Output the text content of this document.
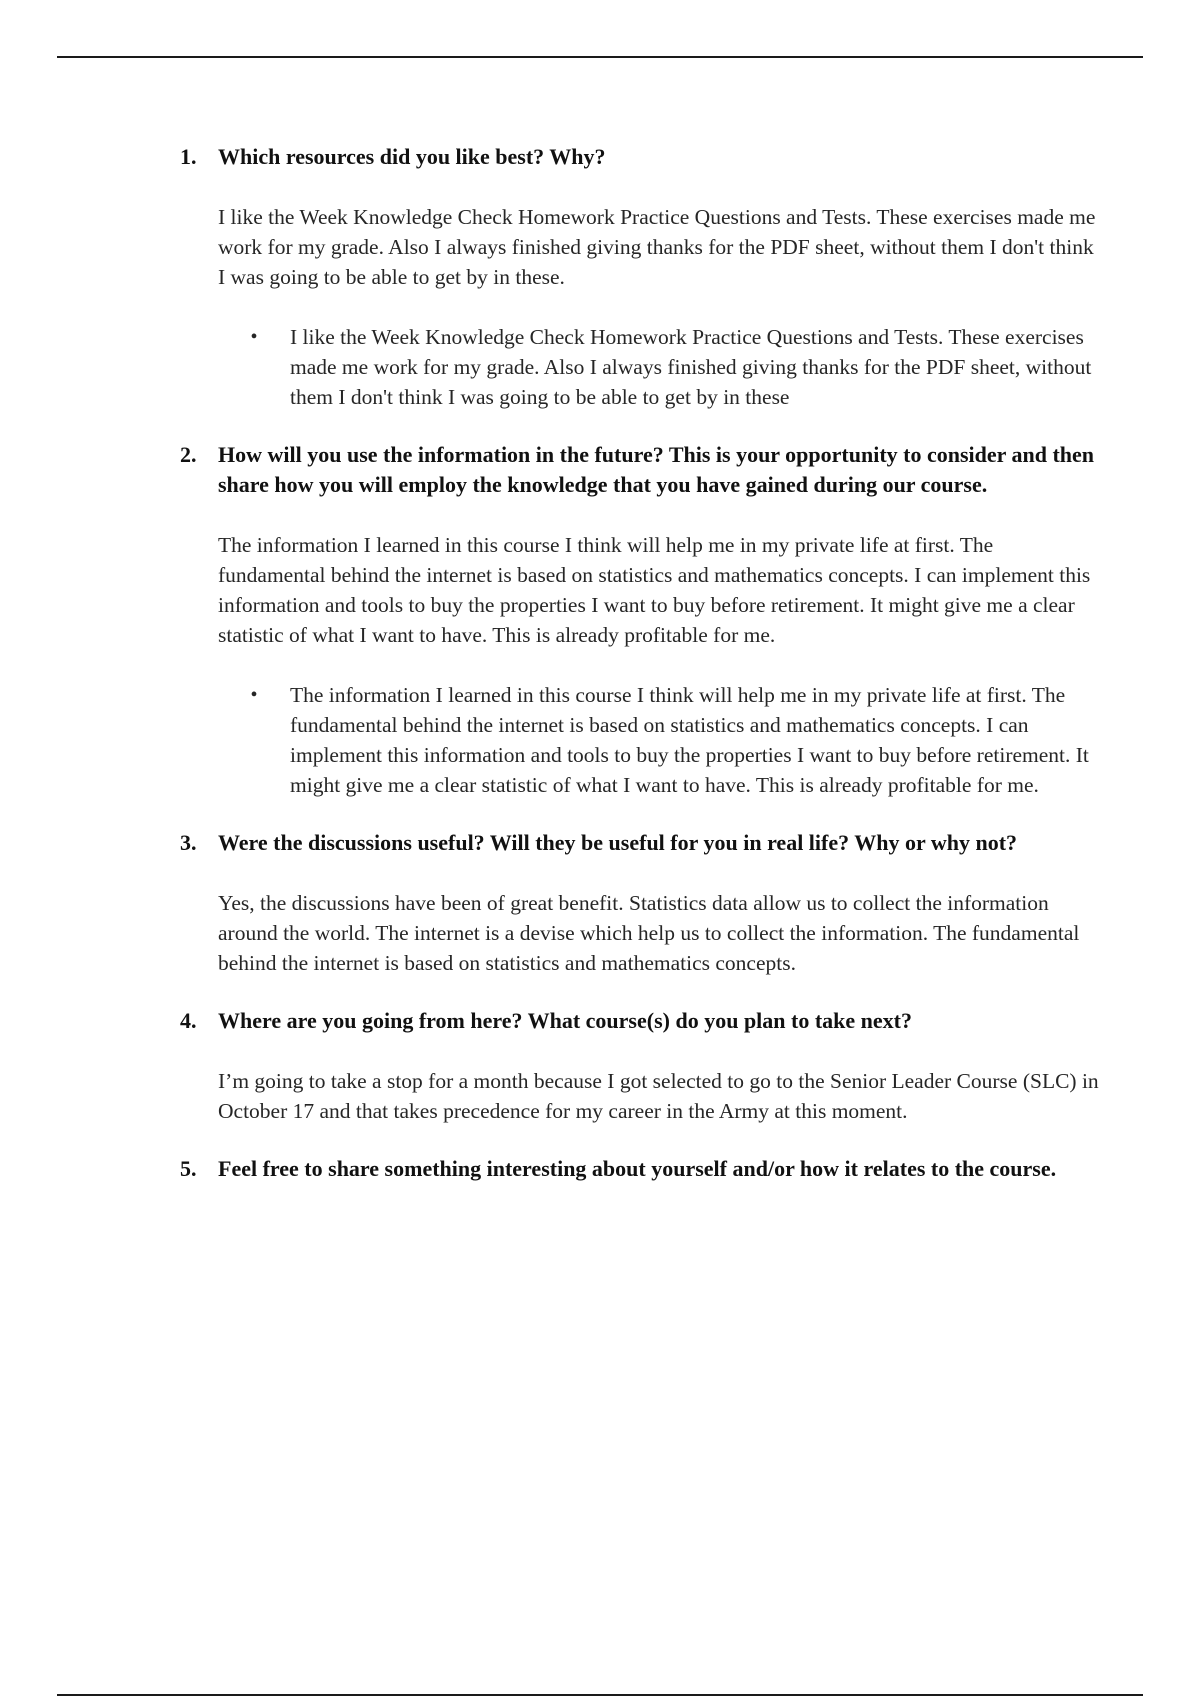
1. Which resources did you like best? Why?

I like the Week Knowledge Check Homework Practice Questions and Tests. These exercises made me work for my grade. Also I always finished giving thanks for the PDF sheet, without them I don't think I was going to be able to get by in these.

•	I like the Week Knowledge Check Homework Practice Questions and Tests. These exercises made me work for my grade. Also I always finished giving thanks for the PDF sheet, without them I don't think I was going to be able to get by in these
2. How will you use the information in the future? This is your opportunity to consider and then share how you will employ the knowledge that you have gained during our course.

The information I learned in this course I think will help me in my private life at first. The fundamental behind the internet is based on statistics and mathematics concepts. I can implement this information and tools to buy the properties I want to buy before retirement. It might give me a clear statistic of what I want to have. This is already profitable for me.

•	The information I learned in this course I think will help me in my private life at first. The fundamental behind the internet is based on statistics and mathematics concepts. I can implement this information and tools to buy the properties I want to buy before retirement. It might give me a clear statistic of what I want to have. This is already profitable for me.
3. Were the discussions useful? Will they be useful for you in real life? Why or why not?

Yes, the discussions have been of great benefit. Statistics data allow us to collect the information around the world. The internet is a devise which help us to collect the information. The fundamental behind the internet is based on statistics and mathematics concepts.

4. Where are you going from here? What course(s) do you plan to take next?

I’m going to take a stop for a month because I got selected to go to the Senior Leader Course (SLC) in October 17 and that takes precedence for my career in the Army at this moment.

5. Feel free to share something interesting about yourself and/or how it relates to the course.
